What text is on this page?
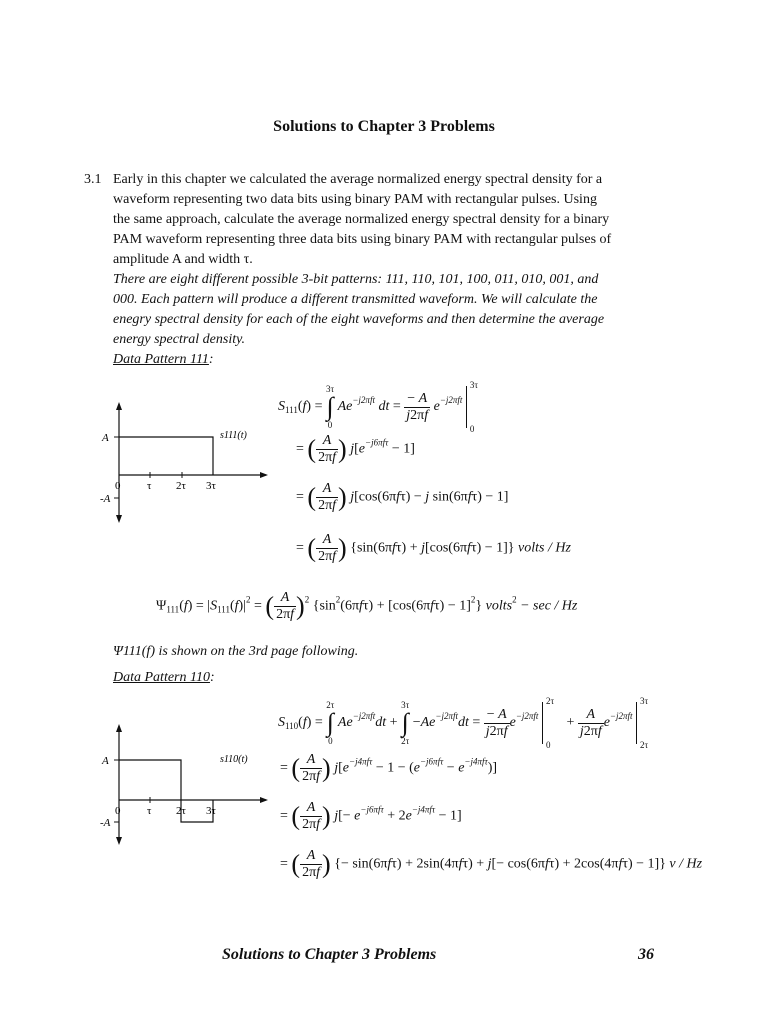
Solutions to Chapter 3 Problems
3.1 Early in this chapter we calculated the average normalized energy spectral density for a
waveform representing two data bits using binary PAM with rectangular pulses. Using
the same approach, calculate the average normalized energy spectral density for a binary
PAM waveform representing three data bits using binary PAM with rectangular pulses of
amplitude A and width τ.
There are eight different possible 3-bit patterns: 111, 110, 101, 100, 011, 010, 001, and
000. Each pattern will produce a different transmitted waveform. We will calculate the
enegry spectral density for each of the eight waveforms and then determine the average
energy spectral density.
Data Pattern 111:
A
-A
s111(t)
0 τ 2τ 3τ
$S_{111}(f)$ =
3τ
∫
0
$Ae^{-j2\pi ft}$ dt = $\frac{- A}{j2\pi f} e^{-j2\pi ft}$
3τ
0
= ( $\frac{A}{2\pi f}$ ) $j[e^{-j6\pi f\tau} - 1]$
= ( $\frac{A}{2\pi f}$ ) j[cos(6πfτ) − j sin(6πfτ) − 1]
= ( $\frac{A}{2\pi f}$ ) {sin(6πfτ) + j[cos(6πfτ) − 1]} volts / Hz
$\Psi_{111}(f) = |S_{111}(f)|^2$ = ( $\frac{A}{2\pi f} )^2$ $\{\sin^2(6\pi f\tau) + [\cos(6\pi f\tau) - 1]^2\}$ volts$^2$ − sec / Hz
Ψ111(f) is shown on the 3rd page following.
Data Pattern 110:
A
-A
s110(t)
0 τ 2τ 3τ
$S_{110}(f)$ =
2τ
∫
0
$Ae^{-j2\pi ft}dt$ +
3τ
∫
2τ
$-Ae^{-j2\pi ft}dt = \frac{- A}{j2\pi f} e^{-j2\pi ft}$
2τ
0
+ $\frac{A}{j2\pi f} e^{-j2\pi ft}$
3τ
2τ
= ( $\frac{A}{2\pi f}$ ) $j[e^{-j4\pi f\tau} - 1 - (e^{-j6\pi f\tau} - e^{-j4\pi f\tau})]$
= ( $\frac{A}{2\pi f}$ ) $j[- e^{-j6\pi f\tau} + 2e^{-j4\pi f\tau} - 1]$
= ( $\frac{A}{2\pi f}$ ) {− sin(6πfτ) + 2sin(4πfτ) + j[− cos(6πfτ) + 2cos(4πfτ) − 1]} v / Hz
Solutions to Chapter 3 Problems	36
